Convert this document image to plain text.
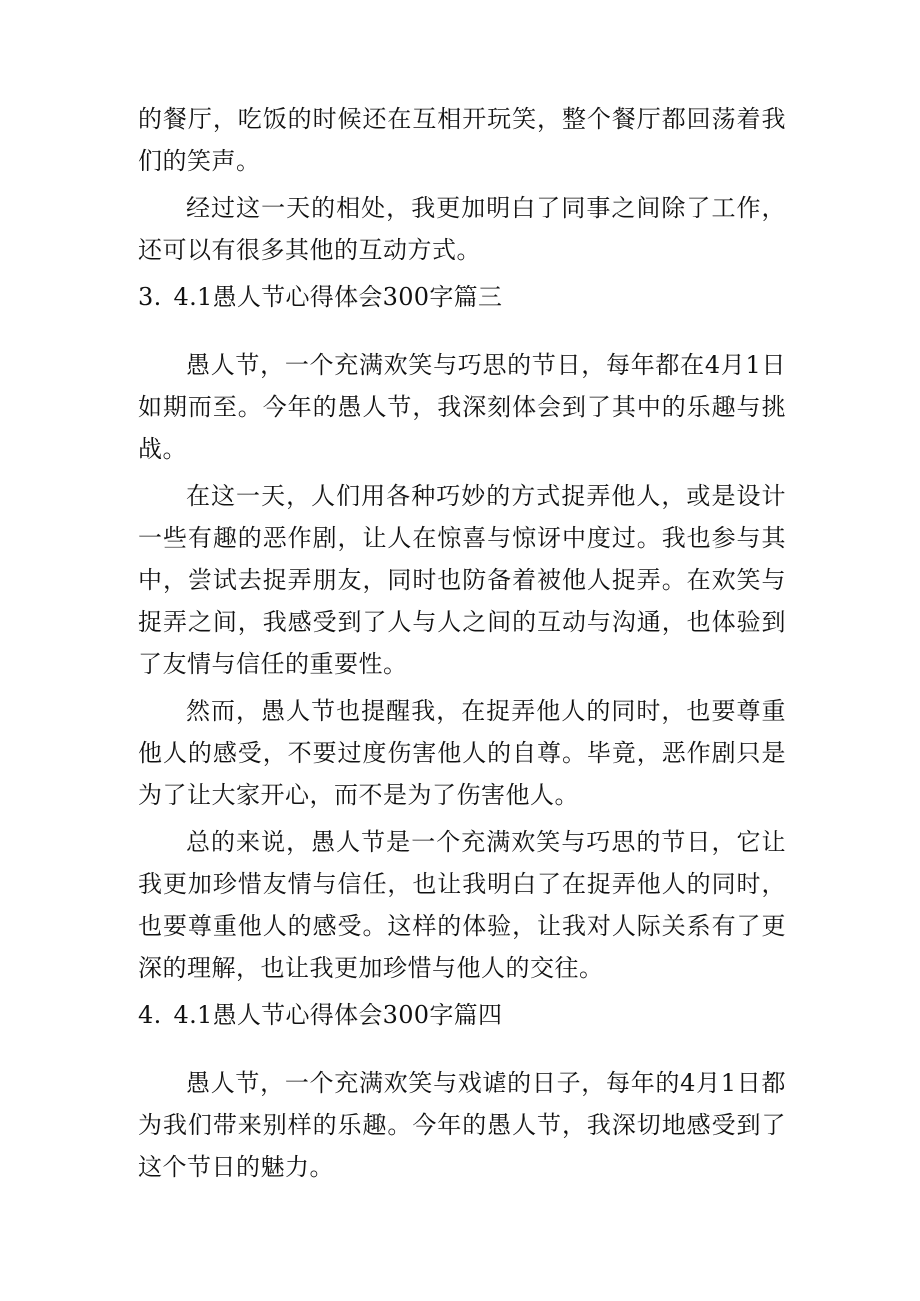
的餐厅，吃饭的时候还在互相开玩笑，整个餐厅都回荡着我们的笑声。

经过这一天的相处，我更加明白了同事之间除了工作，还可以有很多其他的互动方式。

3. 4.1愚人节心得体会300字篇三

愚人节，一个充满欢笑与巧思的节日，每年都在4月1日如期而至。今年的愚人节，我深刻体会到了其中的乐趣与挑战。

在这一天，人们用各种巧妙的方式捉弄他人，或是设计一些有趣的恶作剧，让人在惊喜与惊讶中度过。我也参与其中，尝试去捉弄朋友，同时也防备着被他人捉弄。在欢笑与捉弄之间，我感受到了人与人之间的互动与沟通，也体验到了友情与信任的重要性。

然而，愚人节也提醒我，在捉弄他人的同时，也要尊重他人的感受，不要过度伤害他人的自尊。毕竟，恶作剧只是为了让大家开心，而不是为了伤害他人。

总的来说，愚人节是一个充满欢笑与巧思的节日，它让我更加珍惜友情与信任，也让我明白了在捉弄他人的同时，也要尊重他人的感受。这样的体验，让我对人际关系有了更深的理解，也让我更加珍惜与他人的交往。

4. 4.1愚人节心得体会300字篇四

愚人节，一个充满欢笑与戏谑的日子，每年的4月1日都为我们带来别样的乐趣。今年的愚人节，我深切地感受到了这个节日的魅力。
